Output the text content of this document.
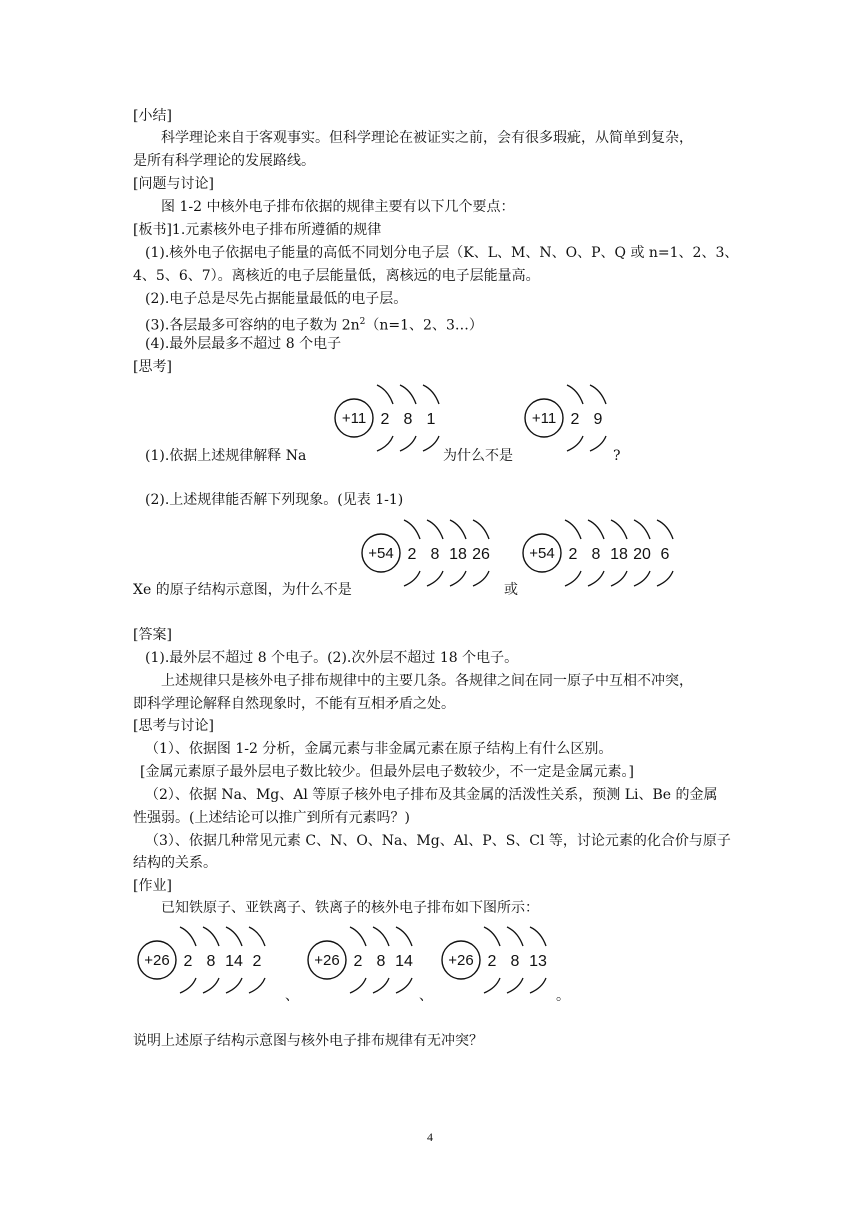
[小结]
科学理论来自于客观事实。但科学理论在被证实之前，会有很多瑕疵，从简单到复杂，
是所有科学理论的发展路线。
[问题与讨论]
图 1-2 中核外电子排布依据的规律主要有以下几个要点：
[板书]1.元素核外电子排布所遵循的规律
(1).核外电子依据电子能量的高低不同划分电子层（K、L、M、N、O、P、Q 或 n=1、2、3、
4、5、6、7）。离核近的电子层能量低，离核远的电子层能量高。
(2).电子总是尽先占据能量最低的电子层。
(3).各层最多可容纳的电子数为 $2n^2(n=1$、2、3…）
(4).最外层最多不超过 8 个电子
[思考]
(1).依据上述规律解释 Na	为什么不是	?
+11 2 8 1	+11 2 9
(2).上述规律能否解下列现象。(见表 1-1)
+54 2 8 18 26	+54 2 8 18 20 6
Xe 的原子结构示意图，为什么不是	或
[答案]
(1).最外层不超过 8 个电子。(2).次外层不超过 18 个电子。
上述规律只是核外电子排布规律中的主要几条。各规律之间在同一原子中互相不冲突，
即科学理论解释自然现象时，不能有互相矛盾之处。
[思考与讨论]
（1）、依据图 1-2 分析，金属元素与非金属元素在原子结构上有什么区别。
[金属元素原子最外层电子数比较少。但最外层电子数较少，不一定是金属元素。]
（2）、依据 Na、Mg、Al 等原子核外电子排布及其金属的活泼性关系，预测 Li、Be 的金属
性强弱。(上述结论可以推广到所有元素吗？)
（3）、依据几种常见元素 C、N、O、Na、Mg、Al、P、S、Cl 等，讨论元素的化合价与原子
结构的关系。
[作业]
已知铁原子、亚铁离子、铁离子的核外电子排布如下图所示：
+26 2 8 14 2	+26 2 8 14 +26 2 8 13
、	、	。
说明上述原子结构示意图与核外电子排布规律有无冲突？
4
